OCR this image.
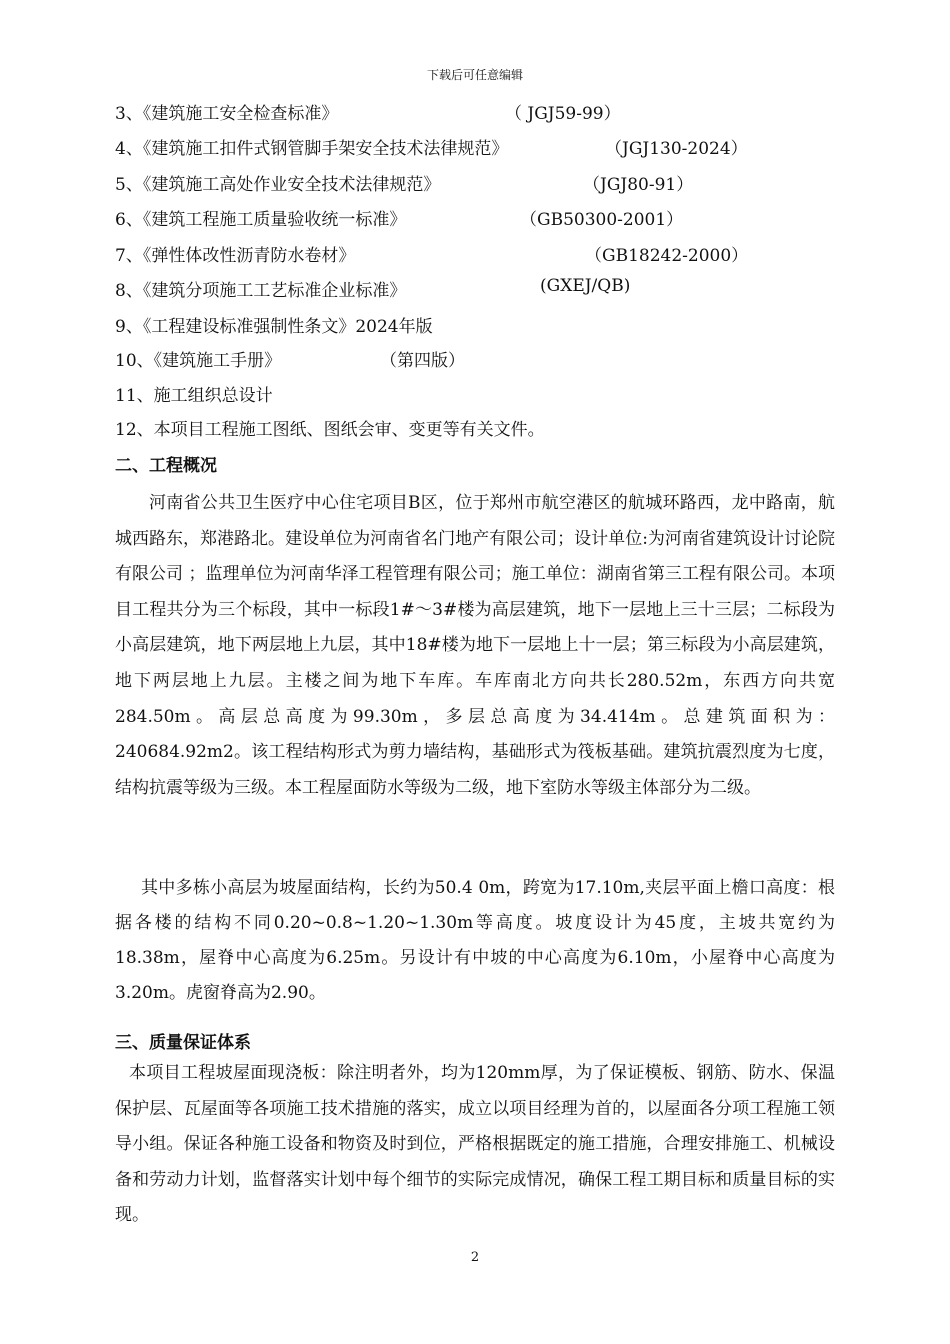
下载后可任意编辑
3、《建筑施工安全检查标准》	（ JGJ59-99）
4、《建筑施工扣件式钢管脚手架安全技术法律规范》	（JGJ130-2024）
5、《建筑施工高处作业安全技术法律规范》	（JGJ80-91）
6、《建筑工程施工质量验收统一标准》	（GB50300-2001）
7、《弹性体改性沥青防水卷材》	（GB18242-2000）
8、《建筑分项施工工艺标准企业标准》	(GXEJ/QB)
9、《工程建设标准强制性条文》2024年版
10、《建筑施工手册》	（第四版）
11、施工组织总设计
12、本项目工程施工图纸、图纸会审、变更等有关文件。
二、工程概况
河南省公共卫生医疗中心住宅项目B区，位于郑州市航空港区的航城环路西，龙中路南，航城西路东，郑港路北。建设单位为河南省名门地产有限公司；设计单位:为河南省建筑设计讨论院有限公司 ；监理单位为河南华泽工程管理有限公司；施工单位：湖南省第三工程有限公司。本项目工程共分为三个标段，其中一标段1#～3#楼为高层建筑，地下一层地上三十三层；二标段为小高层建筑，地下两层地上九层，其中18#楼为地下一层地上十一层；第三标段为小高层建筑，地下两层地上九层。主楼之间为地下车库。车库南北方向共长280.52m，东西方向共宽284.50m。高层总高度为99.30m，多层总高度为34.414m。总建筑面积为：240684.92m2。该工程结构形式为剪力墙结构，基础形式为筏板基础。建筑抗震烈度为七度，结构抗震等级为三级。本工程屋面防水等级为二级，地下室防水等级主体部分为二级。
其中多栋小高层为坡屋面结构，长约为50.4 0m，跨宽为17.10m,夹层平面上檐口高度：根据各楼的结构不同0.20~0.8~1.20~1.30m等高度。坡度设计为45度，主坡共宽约为18.38m，屋脊中心高度为6.25m。另设计有中坡的中心高度为6.10m，小屋脊中心高度为3.20m。虎窗脊高为2.90。
三、质量保证体系
本项目工程坡屋面现浇板：除注明者外，均为120mm厚，为了保证模板、钢筋、防水、保温保护层、瓦屋面等各项施工技术措施的落实，成立以项目经理为首的，以屋面各分项工程施工领导小组。保证各种施工设备和物资及时到位，严格根据既定的施工措施，合理安排施工、机械设备和劳动力计划，监督落实计划中每个细节的实际完成情况，确保工程工期目标和质量目标的实现。
2
